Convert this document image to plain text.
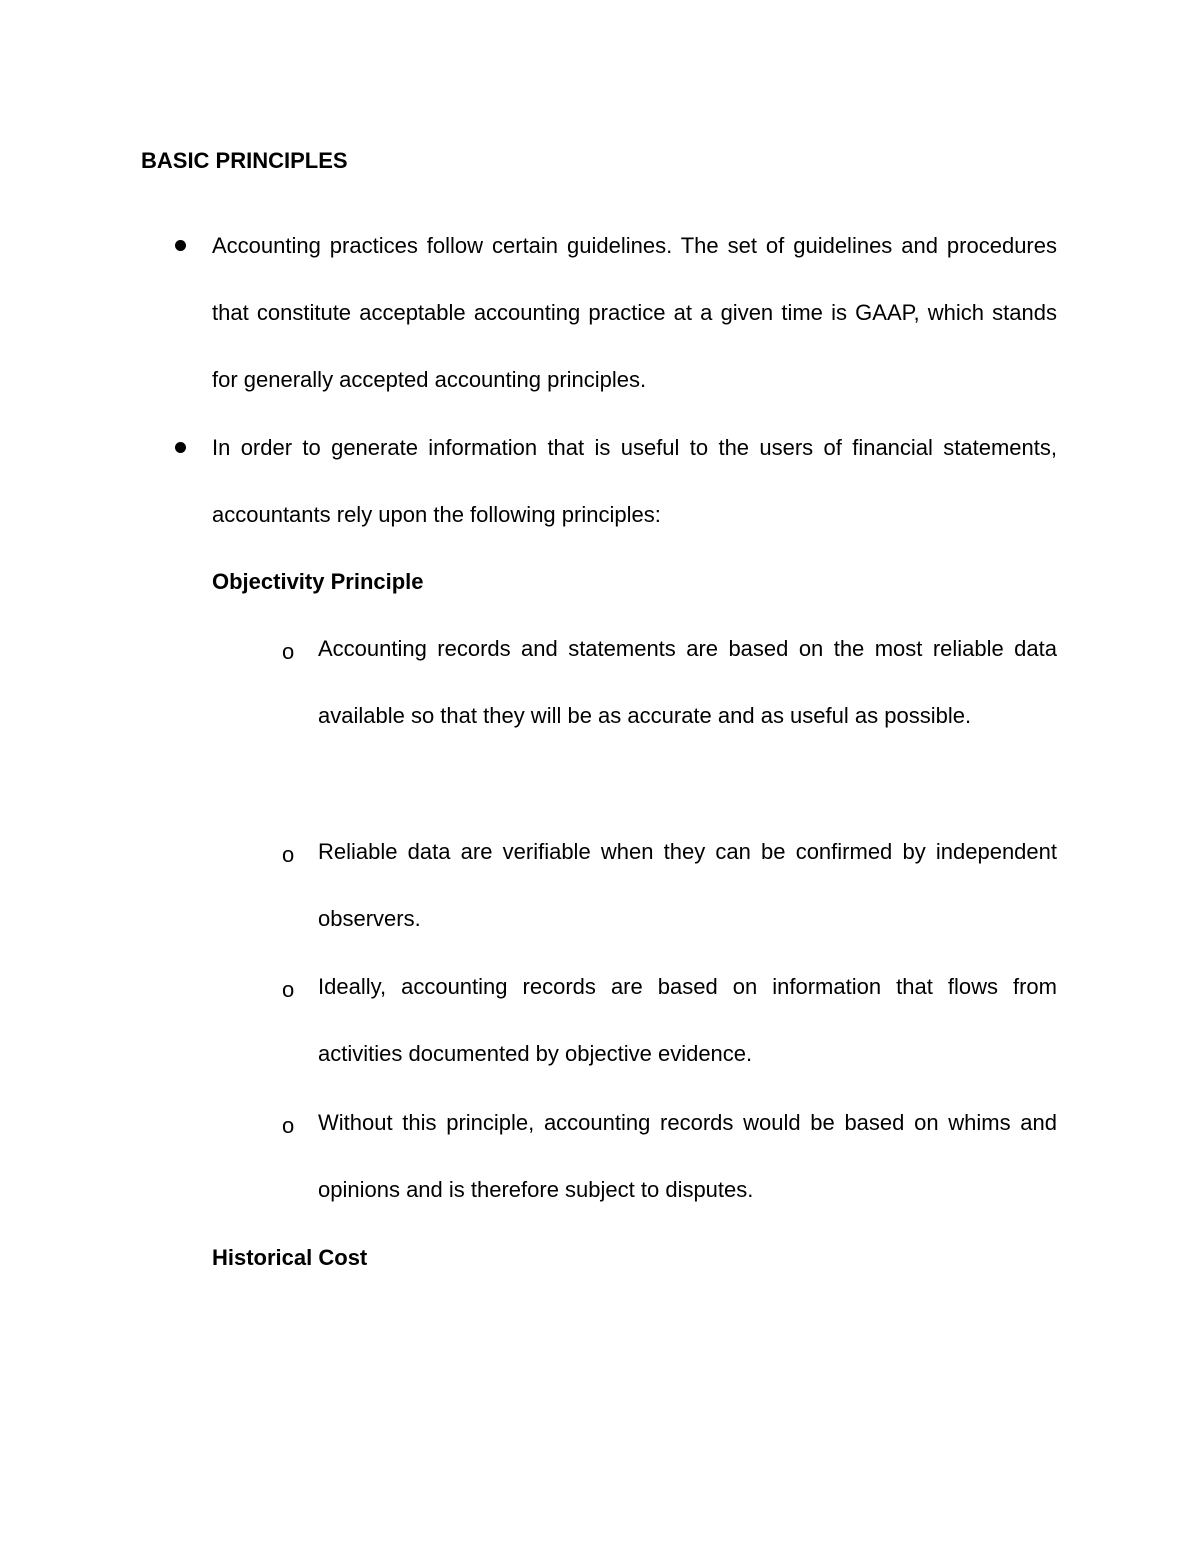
BASIC PRINCIPLES
Accounting practices follow certain guidelines. The set of guidelines and procedures that constitute acceptable accounting practice at a given time is GAAP, which stands for generally accepted accounting principles.
In order to generate information that is useful to the users of financial statements, accountants rely upon the following principles:
Objectivity Principle
o Accounting records and statements are based on the most reliable data available so that they will be as accurate and as useful as possible.
o Reliable data are verifiable when they can be confirmed by independent observers.
o Ideally, accounting records are based on information that flows from activities documented by objective evidence.
o Without this principle, accounting records would be based on whims and opinions and is therefore subject to disputes.
Historical Cost
